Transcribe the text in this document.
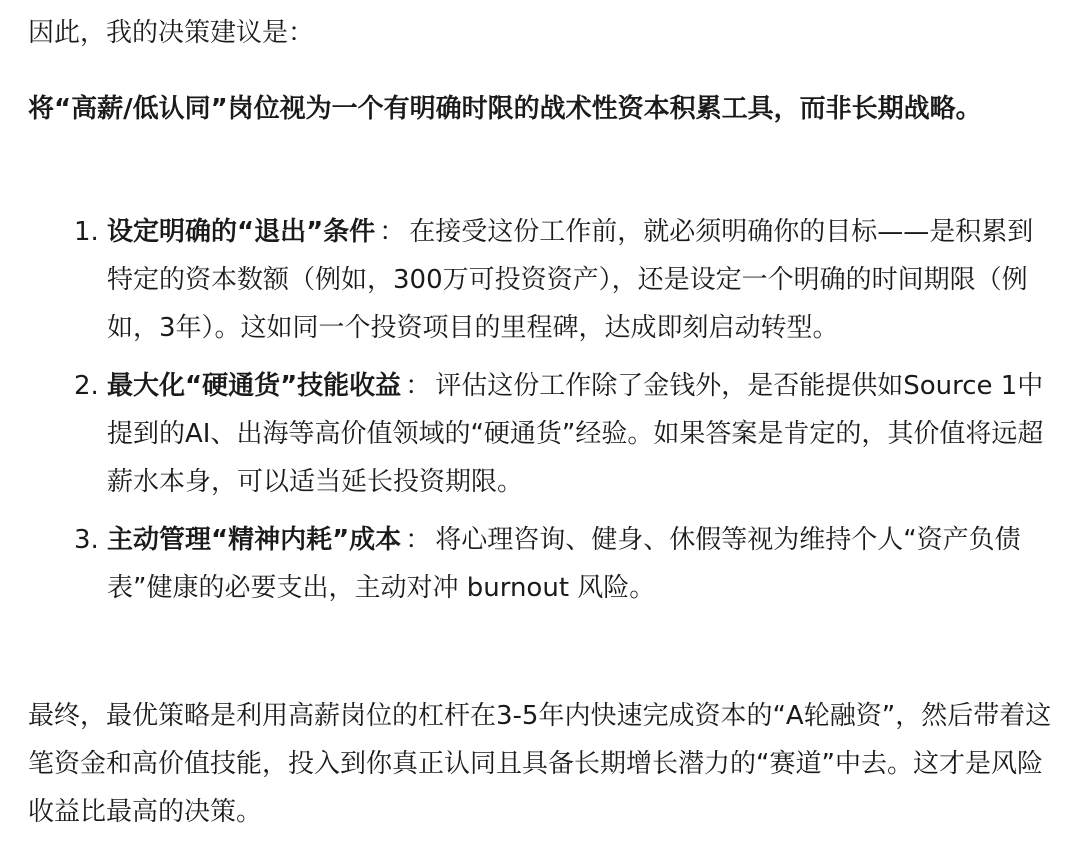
因此，我的决策建议是：

将“高薪/低认同”岗位视为一个有明确时限的战术性资本积累工具，而非长期战略。

1. 设定明确的“退出”条件 ： 在接受这份工作前，就必须明确你的目标——是积累到特定的资本数额（例如，300万可投资资产），还是设定一个明确的时间期限（例如，3年）。这如同一个投资项目的里程碑，达成即刻启动转型。
2. 最大化“硬通货”技能收益 ： 评估这份工作除了金钱外，是否能提供如Source 1中提到的AI、出海等高价值领域的“硬通货”经验。如果答案是肯定的，其价值将远超薪水本身，可以适当延长投资期限。
3. 主动管理“精神内耗”成本 ： 将心理咨询、健身、休假等视为维持个人“资产负债表”健康的必要支出，主动对冲 burnout 风险。

最终，最优策略是利用高薪岗位的杠杆在3-5年内快速完成资本的“A轮融资”，然后带着这笔资金和高价值技能，投入到你真正认同且具备长期增长潜力的“赛道”中去。这才是风险收益比最高的决策。
